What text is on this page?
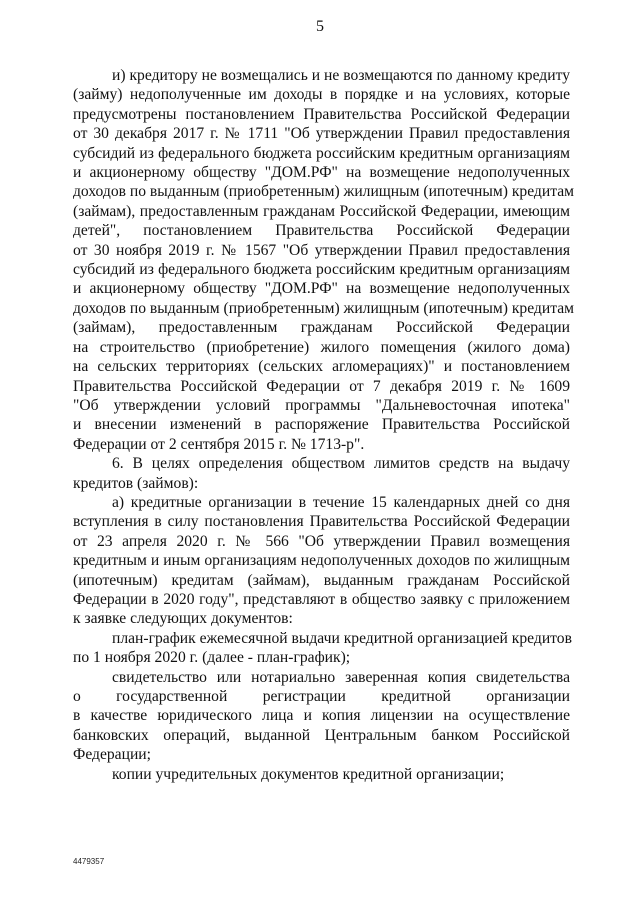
5
и) кредитору не возмещались и не возмещаются по данному кредиту
(займу) недополученные им доходы в порядке и на условиях, которые
предусмотрены постановлением Правительства Российской Федерации
от 30 декабря 2017 г. № 1711 "Об утверждении Правил предоставления
субсидий из федерального бюджета российским кредитным организациям
и акционерному обществу "ДОМ.РФ" на возмещение недополученных
доходов по выданным (приобретенным) жилищным (ипотечным) кредитам
(займам), предоставленным гражданам Российской Федерации, имеющим
детей", постановлением Правительства Российской Федерации
от 30 ноября 2019 г. № 1567 "Об утверждении Правил предоставления
субсидий из федерального бюджета российским кредитным организациям
и акционерному обществу "ДОМ.РФ" на возмещение недополученных
доходов по выданным (приобретенным) жилищным (ипотечным) кредитам
(займам), предоставленным гражданам Российской Федерации
на строительство (приобретение) жилого помещения (жилого дома)
на сельских территориях (сельских агломерациях)" и постановлением
Правительства Российской Федерации от 7 декабря 2019 г. № 1609
"Об утверждении условий программы "Дальневосточная ипотека"
и внесении изменений в распоряжение Правительства Российской
Федерации от 2 сентября 2015 г. № 1713-р".
6. В целях определения обществом лимитов средств на выдачу
кредитов (займов):
а) кредитные организации в течение 15 календарных дней со дня
вступления в силу постановления Правительства Российской Федерации
от 23 апреля 2020 г. № 566 "Об утверждении Правил возмещения
кредитным и иным организациям недополученных доходов по жилищным
(ипотечным) кредитам (займам), выданным гражданам Российской
Федерации в 2020 году", представляют в общество заявку с приложением
к заявке следующих документов:
план-график ежемесячной выдачи кредитной организацией кредитов
по 1 ноября 2020 г. (далее - план-график);
свидетельство или нотариально заверенная копия свидетельства
о государственной регистрации кредитной организации
в качестве юридического лица и копия лицензии на осуществление
банковских операций, выданной Центральным банком Российской
Федерации;
копии учредительных документов кредитной организации;
4479357
